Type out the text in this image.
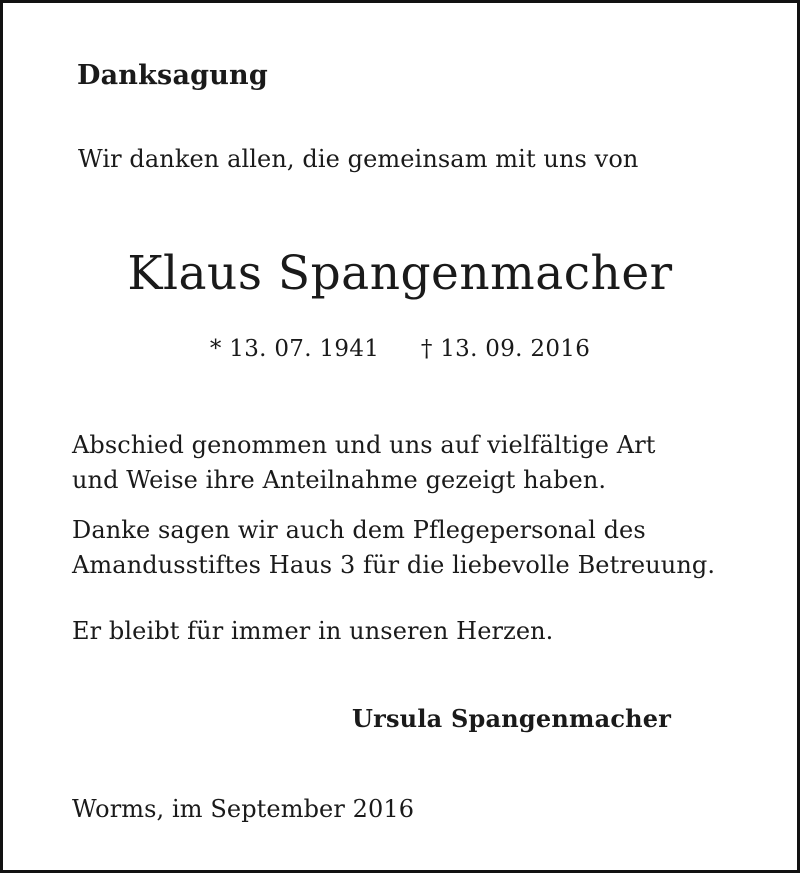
Danksagung
Wir danken allen, die gemeinsam mit uns von
Klaus Spangenmacher
* 13. 07. 1941 † 13. 09. 2016
Abschied genommen und uns auf vielfältige Art
und Weise ihre Anteilnahme gezeigt haben.
Danke sagen wir auch dem Pflegepersonal des
Amandusstiftes Haus 3 für die liebevolle Betreuung.
Er bleibt für immer in unseren Herzen.
Ursula Spangenmacher
Worms, im September 2016
